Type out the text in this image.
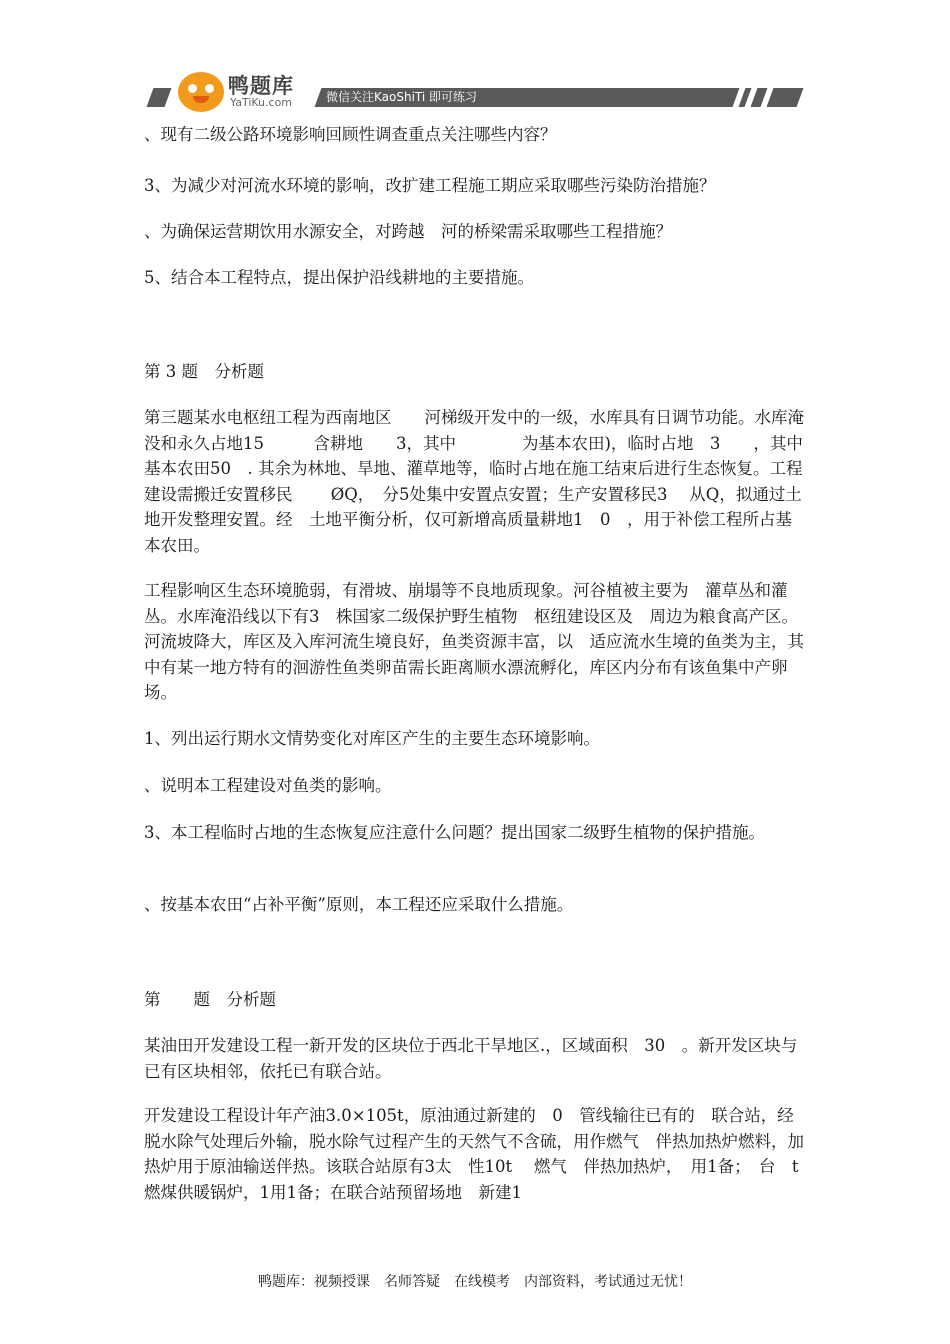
鸭题库
YaTiKu.com	微信关注KaoShiTi 即可练习

、现有二级公路环境影响回顾性调查重点关注哪些内容？

3、为减少对河流水环境的影响，改扩建工程施工期应采取哪些污染防治措施？

、为确保运营期饮用水源安全，对跨越　河的桥梁需采取哪些工程措施？

5、结合本工程特点，提出保护沿线耕地的主要措施。

第 3 题　分析题

第三题某水电枢纽工程为西南地区　　河梯级开发中的一级，水库具有日调节功能。水库淹没和永久占地15　　　含耕地　　3，其中　　　　为基本农田)，临时占地　3　　，其中基本农田50　. 其余为林地、旱地、灌草地等，临时占地在施工结束后进行生态恢复。工程建设需搬迁安置移民　　 ØQ，　分5处集中安置点安置；生产安置移民3　 从Q，拟通过土地开发整理安置。经　土地平衡分析，仅可新增高质量耕地1　0　，用于补偿工程所占基本农田。

工程影响区生态环境脆弱，有滑坡、崩塌等不良地质现象。河谷植被主要为　灌草丛和灌丛。水库淹沿线以下有3　株国家二级保护野生植物　枢纽建设区及　周边为粮食高产区。河流坡降大，库区及入库河流生境良好，鱼类资源丰富，以　适应流水生境的鱼类为主，其中有某一地方特有的洄游性鱼类卵苗需长距离顺水漂流孵化，库区内分布有该鱼集中产卵场。

1、列出运行期水文情势变化对库区产生的主要生态环境影响。

、说明本工程建设对鱼类的影响。

3、本工程临时占地的生态恢复应注意什么问题？提出国家二级野生植物的保护措施。

、按基本农田“占补平衡”原则，本工程还应采取什么措施。

第　　题　分析题

某油田开发建设工程一新开发的区块位于西北干旱地区.，区域面积　30　。新开发区块与已有区块相邻，依托已有联合站。

开发建设工程设计年产油3.0×105t，原油通过新建的　0　管线输往已有的　联合站，经脱水除气处理后外输，脱水除气过程产生的天然气不含硫，用作燃气　伴热加热炉燃料，加热炉用于原油输送伴热。该联合站原有3太　性10t　 燃气　伴热加热炉，　用1备；　台　t　燃煤供暖锅炉，1用1备；在联合站预留场地　新建1

鸭题库：视频授课　名师答疑　在线模考　内部资料，考试通过无忧！
